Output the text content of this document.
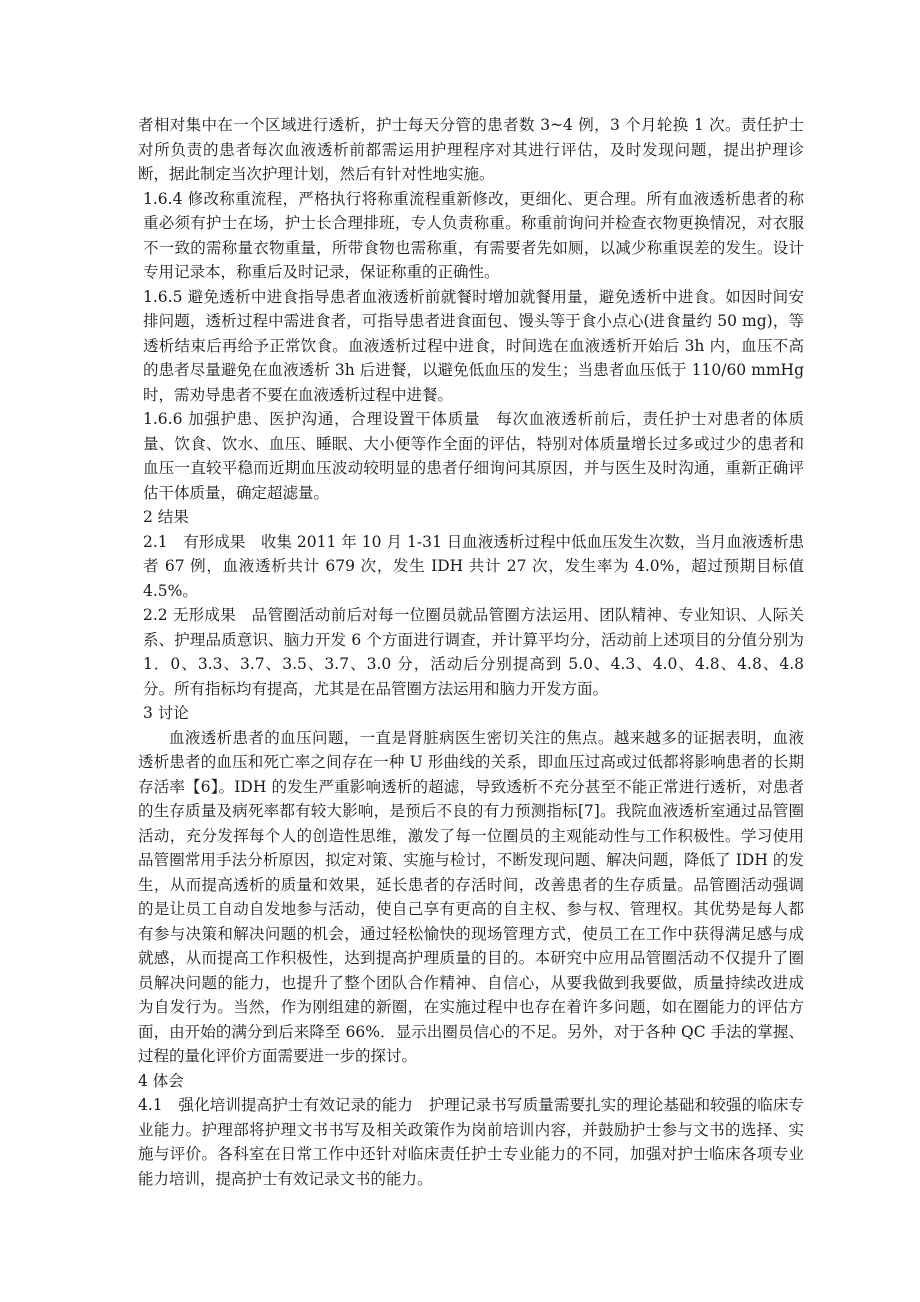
者相对集中在一个区域进行透析，护士每天分管的患者数 3~4 例，3 个月轮换 1 次。责任护士对所负责的患者每次血液透析前都需运用护理程序对其进行评估，及时发现问题，提出护理诊断，据此制定当次护理计划，然后有针对性地实施。

1.6.4 修改称重流程，严格执行将称重流程重新修改，更细化、更合理。所有血液透析患者的称重必须有护士在场，护士长合理排班，专人负责称重。称重前询问并检查衣物更换情况，对衣服不一致的需称量衣物重量，所带食物也需称重，有需要者先如厕，以减少称重误差的发生。设计专用记录本，称重后及时记录，保证称重的正确性。

1.6.5 避免透析中进食指导患者血液透析前就餐时增加就餐用量，避免透析中进食。如因时间安排问题，透析过程中需进食者，可指导患者进食面包、馒头等于食小点心(进食量约 50 mg)，等透析结束后再给予正常饮食。血液透析过程中进食，时间选在血液透析开始后 3h 内，血压不高的患者尽量避免在血液透析 3h 后进餐，以避免低血压的发生；当患者血压低于 110/60 mmHg 时，需劝导患者不要在血液透析过程中进餐。

1.6.6 加强护患、医护沟通，合理设置干体质量　每次血液透析前后，责任护士对患者的体质量、饮食、饮水、血压、睡眠、大小便等作全面的评估，特别对体质量增长过多或过少的患者和血压一直较平稳而近期血压波动较明显的患者仔细询问其原因，并与医生及时沟通，重新正确评估干体质量，确定超滤量。

2 结果

2.1　有形成果　收集 2011 年 10 月 1-31 日血液透析过程中低血压发生次数，当月血液透析患者 67 例，血液透析共计 679 次，发生 IDH 共计 27 次，发生率为 4.0%，超过预期目标值 4.5%。

2.2 无形成果　品管圈活动前后对每一位圈员就品管圈方法运用、团队精神、专业知识、人际关系、护理品质意识、脑力开发 6 个方面进行调查，并计算平均分，活动前上述项目的分值分别为 1．0、3.3、3.7、3.5、3.7、3.0 分，活动后分别提高到 5.0、4.3、4.0、4.8、4.8、4.8 分。所有指标均有提高，尤其是在品管圈方法运用和脑力开发方面。

3 讨论

血液透析患者的血压问题，一直是肾脏病医生密切关注的焦点。越来越多的证据表明，血液透析患者的血压和死亡率之间存在一种 U 形曲线的关系，即血压过高或过低都将影响患者的长期存活率【6】。IDH 的发生严重影响透析的超滤，导致透析不充分甚至不能正常进行透析，对患者的生存质量及病死率都有较大影响，是预后不良的有力预测指标[7]。我院血液透析室通过品管圈活动，充分发挥每个人的创造性思维，激发了每一位圈员的主观能动性与工作积极性。学习使用品管圈常用手法分析原因，拟定对策、实施与检讨，不断发现问题、解决问题，降低了 IDH 的发生，从而提高透析的质量和效果，延长患者的存活时间，改善患者的生存质量。品管圈活动强调的是让员工自动自发地参与活动，使自己享有更高的自主权、参与权、管理权。其优势是每人都有参与决策和解决问题的机会，通过轻松愉快的现场管理方式，使员工在工作中获得满足感与成就感，从而提高工作积极性，达到提高护理质量的目的。本研究中应用品管圈活动不仅提升了圈员解决问题的能力，也提升了整个团队合作精神、自信心，从要我做到我要做，质量持续改进成为自发行为。当然，作为刚组建的新圈，在实施过程中也存在着许多问题，如在圈能力的评估方面，由开始的满分到后来降至 66%．显示出圈员信心的不足。另外，对于各种 QC 手法的掌握、过程的量化评价方面需要进一步的探讨。

4 体会

4.1　强化培训提高护士有效记录的能力　护理记录书写质量需要扎实的理论基础和较强的临床专业能力。护理部将护理文书书写及相关政策作为岗前培训内容，并鼓励护士参与文书的选择、实施与评价。各科室在日常工作中还针对临床责任护士专业能力的不同，加强对护士临床各项专业能力培训，提高护士有效记录文书的能力。
